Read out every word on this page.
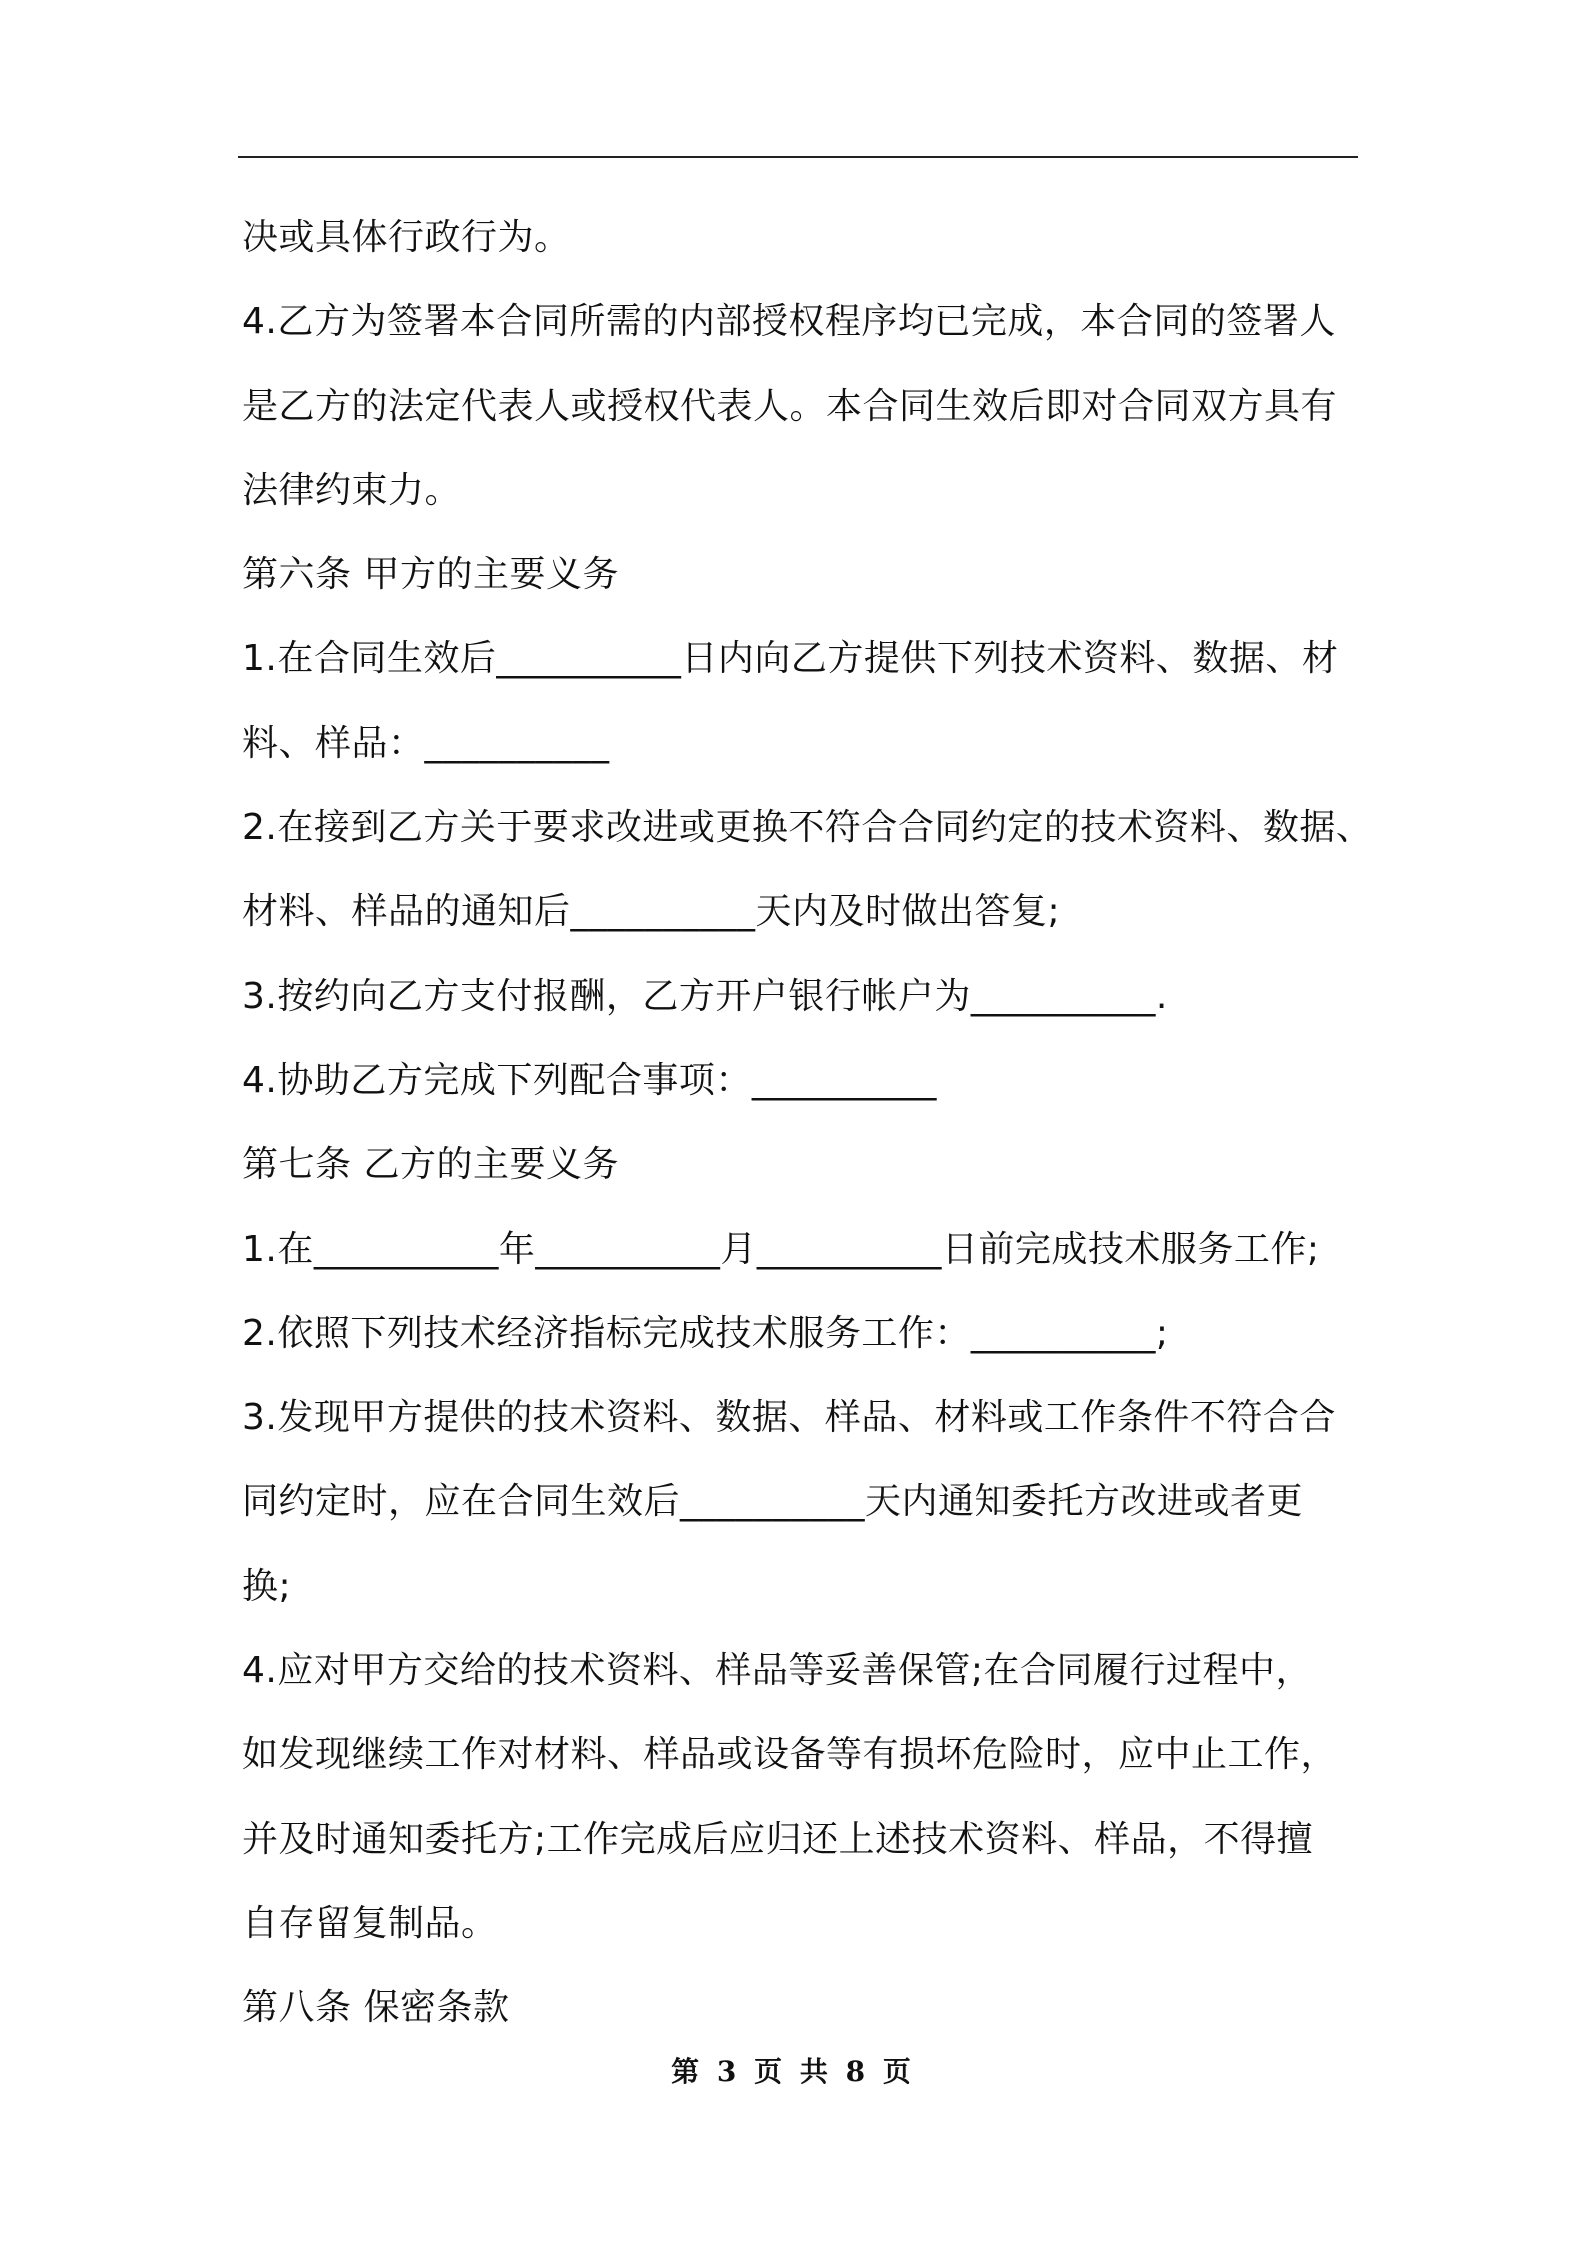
决或具体行政行为。
4.乙方为签署本合同所需的内部授权程序均已完成，本合同的签署人
是乙方的法定代表人或授权代表人。本合同生效后即对合同双方具有
法律约束力。
第六条 甲方的主要义务
1.在合同生效后__________日内向乙方提供下列技术资料、数据、材
料、样品：__________
2.在接到乙方关于要求改进或更换不符合合同约定的技术资料、数据、
材料、样品的通知后__________天内及时做出答复;
3.按约向乙方支付报酬，乙方开户银行帐户为__________.
4.协助乙方完成下列配合事项：__________
第七条 乙方的主要义务
1.在__________年__________月__________日前完成技术服务工作;
2.依照下列技术经济指标完成技术服务工作：__________;
3.发现甲方提供的技术资料、数据、样品、材料或工作条件不符合合
同约定时，应在合同生效后__________天内通知委托方改进或者更
换;
4.应对甲方交给的技术资料、样品等妥善保管;在合同履行过程中，
如发现继续工作对材料、样品或设备等有损坏危险时，应中止工作，
并及时通知委托方;工作完成后应归还上述技术资料、样品，不得擅
自存留复制品。
第八条 保密条款
第 3 页 共 8 页
